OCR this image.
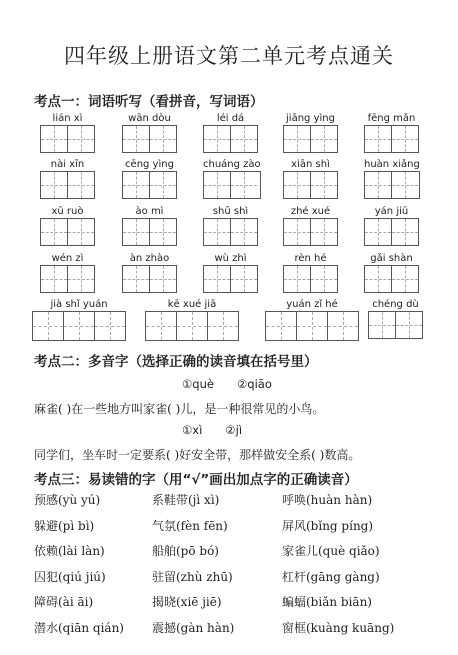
四年级上册语文第二单元考点通关
考点一：词语听写（看拼音，写词语）
lián xì	wān dòu	léi dá	jiāng yìng	fēng mǎn
nài xīn	cēng yìng	chuáng zào	xiān shì	huàn xiǎng
xū ruò	ào mì	shū shì	zhé xué	yán jiū
wén zì	àn zhào	wù zhì	rèn hé	gǎi shàn
jià shǐ yuán	kē xué jiā	yuán zǐ hé	chéng dù
考点二：多音字（选择正确的读音填在括号里）
①què　　②qiāo
麻雀( )在一些地方叫家雀( )儿，是一种很常见的小鸟。
①xì　　②jì
同学们，坐车时一定要系( )好安全带，那样做安全系( )数高。
考点三：易读错的字（用“√”画出加点字的正确读音）
预感(yù yú)	系鞋带(jì xì)	呼唤(huàn hàn)
躲避(pì bì)	气氛(fèn fēn)	屏风(bǐng píng)
依赖(lài làn)	船舶(pō bó)	家雀儿(què qiǎo)
囚犯(qiú jiú)	驻留(zhù zhū)	杠杆(gāng gàng)
障碍(ài āi)	揭晓(xiē jiē)	蝙蝠(biǎn biān)
潜水(qiān qián) 震撼(gàn hàn)	窗框(kuàng kuāng)
